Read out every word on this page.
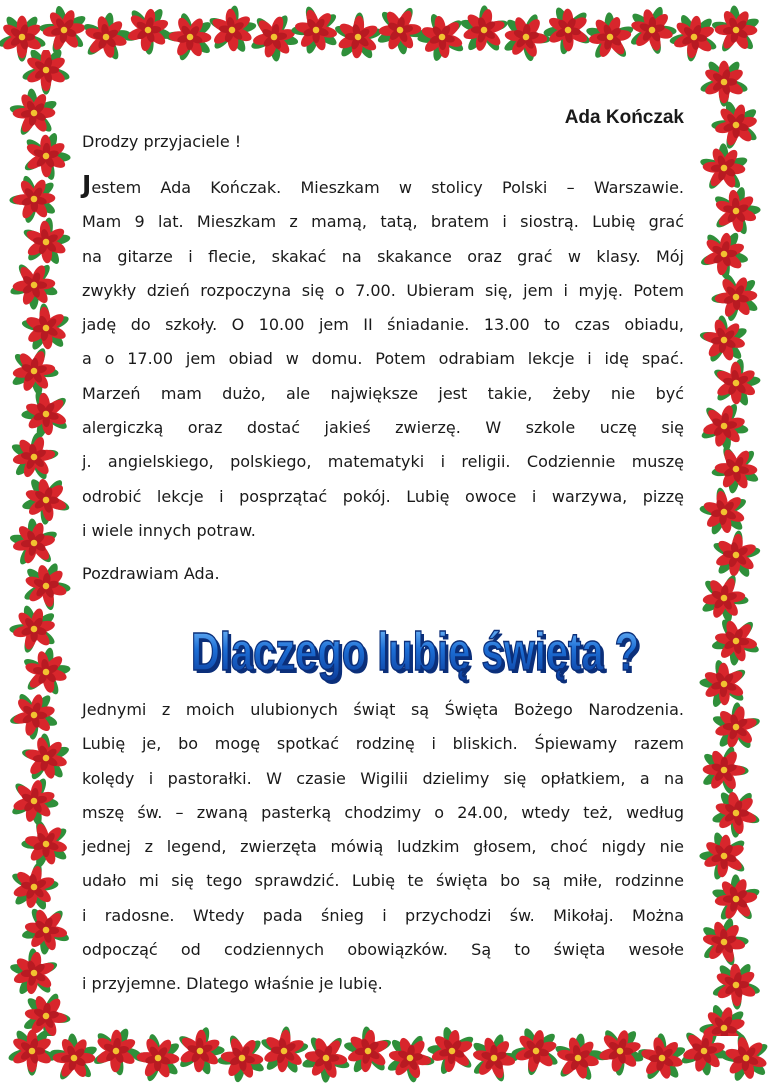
Ada Kończak
Drodzy przyjaciele !
Jestem Ada Kończak. Mieszkam w stolicy Polski – Warszawie.
Mam 9 lat. Mieszkam z mamą, tatą, bratem i siostrą. Lubię grać
na gitarze i flecie, skakać na skakance oraz grać w klasy. Mój
zwykły dzień rozpoczyna się o 7.00. Ubieram się, jem i myję. Potem
jadę do szkoły. O 10.00 jem II śniadanie. 13.00 to czas obiadu,
a o 17.00 jem obiad w domu. Potem odrabiam lekcje i idę spać.
Marzeń mam dużo, ale największe jest takie, żeby nie być
alergiczką oraz dostać jakieś zwierzę. W szkole uczę się
j. angielskiego, polskiego, matematyki i religii. Codziennie muszę
odrobić lekcje i posprzątać pokój. Lubię owoce i warzywa, pizzę
i wiele innych potraw.
Pozdrawiam Ada.
Dlaczego lubię święta ?
Dlaczego lubię święta ?
Jednymi z moich ulubionych świąt są Święta Bożego Narodzenia.
Lubię je, bo mogę spotkać rodzinę i bliskich. Śpiewamy razem
kolędy i pastorałki. W czasie Wigilii dzielimy się opłatkiem, a na
mszę św. – zwaną pasterką chodzimy o 24.00, wtedy też, według
jednej z legend, zwierzęta mówią ludzkim głosem, choć nigdy nie
udało mi się tego sprawdzić. Lubię te święta bo są miłe, rodzinne
i radosne. Wtedy pada śnieg i przychodzi św. Mikołaj. Można
odpocząć od codziennych obowiązków. Są to święta wesołe
i przyjemne. Dlatego właśnie je lubię.
